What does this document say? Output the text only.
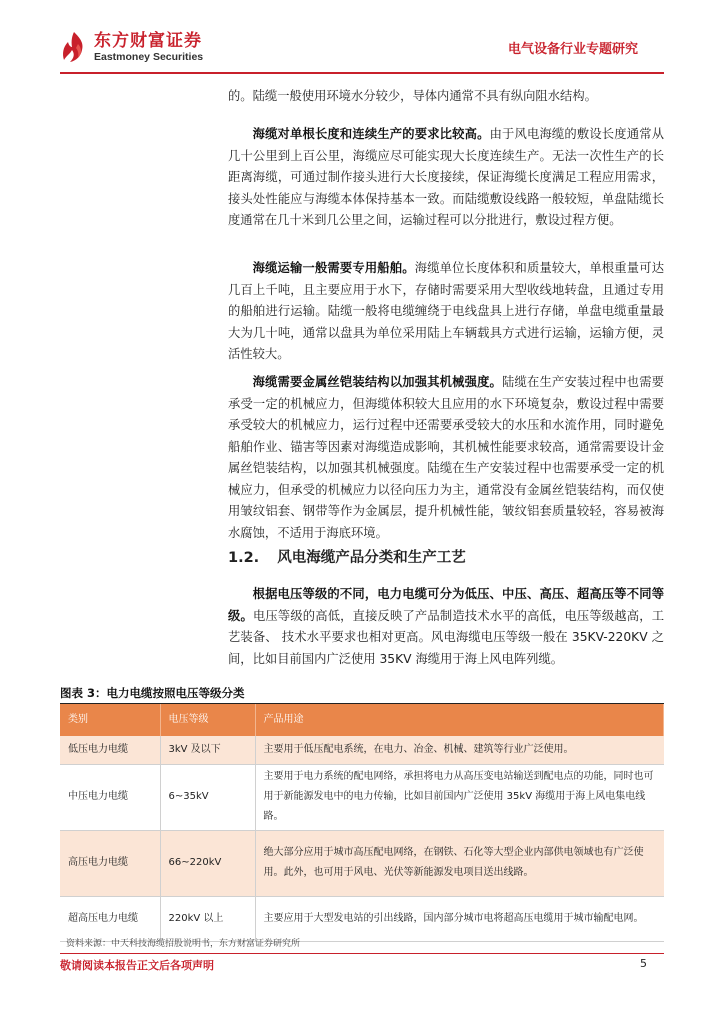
东方财富证券
Eastmoney Securities	电气设备行业专题研究
的。陆缆一般使用环境水分较少，导体内通常不具有纵向阻水结构。
海缆对单根长度和连续生产的要求比较高。由于风电海缆的敷设长度通常从几十公里到上百公里，海缆应尽可能实现大长度连续生产。无法一次性生产的长距离海缆，可通过制作接头进行大长度接续，保证海缆长度满足工程应用需求，接头处性能应与海缆本体保持基本一致。而陆缆敷设线路一般较短，单盘陆缆长度通常在几十米到几公里之间，运输过程可以分批进行，敷设过程方便。
海缆运输一般需要专用船舶。海缆单位长度体积和质量较大，单根重量可达几百上千吨，且主要应用于水下，存储时需要采用大型收线地转盘，且通过专用的船舶进行运输。陆缆一般将电缆缠绕于电线盘具上进行存储，单盘电缆重量最大为几十吨，通常以盘具为单位采用陆上车辆载具方式进行运输，运输方便，灵活性较大。
海缆需要金属丝铠装结构以加强其机械强度。陆缆在生产安装过程中也需要承受一定的机械应力，但海缆体积较大且应用的水下环境复杂，敷设过程中需要承受较大的机械应力，运行过程中还需要承受较大的水压和水流作用，同时避免船舶作业、锚害等因素对海缆造成影响，其机械性能要求较高，通常需要设计金属丝铠装结构，以加强其机械强度。陆缆在生产安装过程中也需要承受一定的机械应力，但承受的机械应力以径向压力为主，通常没有金属丝铠装结构，而仅使用皱纹铝套、钢带等作为金属层，提升机械性能，皱纹铝套质量较轻，容易被海水腐蚀，不适用于海底环境。
1.2. 风电海缆产品分类和生产工艺
根据电压等级的不同，电力电缆可分为低压、中压、高压、超高压等不同等级。电压等级的高低，直接反映了产品制造技术水平的高低，电压等级越高，工艺装备、 技术水平要求也相对更高。风电海缆电压等级一般在 35KV-220KV 之间，比如目前国内广泛使用 35KV 海缆用于海上风电阵列缆。
图表 3：电力电缆按照电压等级分类
类别	电压等级	产品用途
低压电力电缆	3kV 及以下	主要用于低压配电系统，在电力、冶金、机械、建筑等行业广泛使用。
中压电力电缆	6~35kV	主要用于电力系统的配电网络，承担将电力从高压变电站输送到配电点的功能，同时也可用于新能源发电中的电力传输，比如目前国内广泛使用 35kV 海缆用于海上风电集电线路。
高压电力电缆	66~220kV	绝大部分应用于城市高压配电网络，在钢铁、石化等大型企业内部供电领域也有广泛使用。此外，也可用于风电、光伏等新能源发电项目送出线路。
超高压电力电缆	220kV 以上	主要应用于大型发电站的引出线路，国内部分城市电将超高压电缆用于城市输配电网。
资料来源：中天科技海缆招股说明书，东方财富证券研究所
敬请阅读本报告正文后各项声明	5
